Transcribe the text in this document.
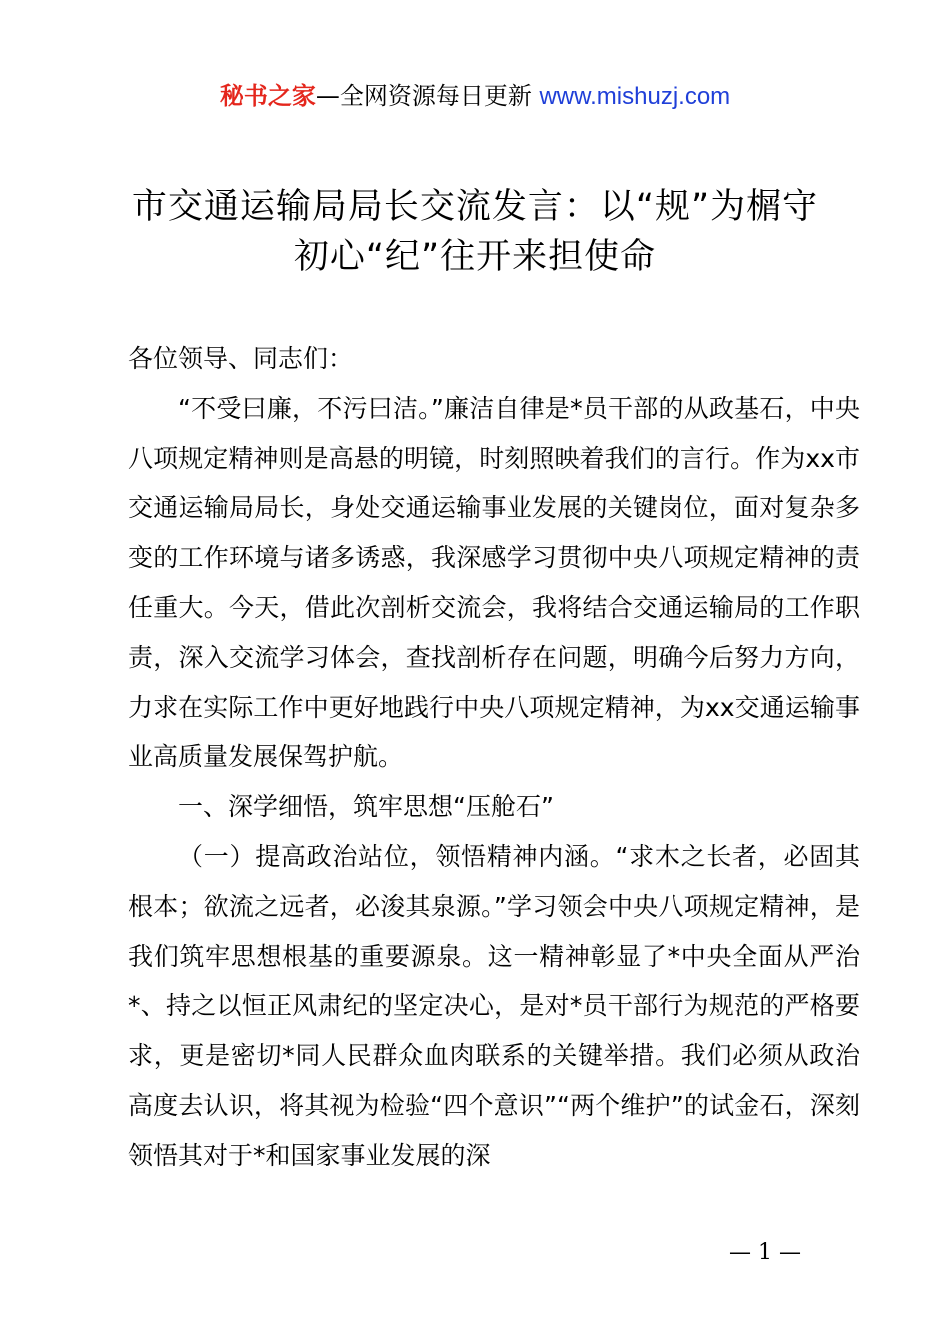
秘书之家—全网资源每日更新 www.mishuzj.com
市交通运输局局长交流发言：以“规”为榍守
初心“纪”往开来担使命

各位领导、同志们：

“不受曰廉，不污曰洁。”廉洁自律是*员干部的从政基石，中央八项规定精神则是高悬的明镜，时刻照映着我们的言行。作为xx市交通运输局局长，身处交通运输事业发展的关键岗位，面对复杂多变的工作环境与诸多诱惑，我深感学习贯彻中央八项规定精神的责任重大。今天，借此次剖析交流会，我将结合交通运输局的工作职责，深入交流学习体会，查找剖析存在问题，明确今后努力方向，力求在实际工作中更好地践行中央八项规定精神，为xx交通运输事业高质量发展保驾护航。

一、深学细悟，筑牢思想“压舱石”

（一）提高政治站位，领悟精神内涵。“求木之长者，必固其根本；欲流之远者，必浚其泉源。”学习领会中央八项规定精神，是我们筑牢思想根基的重要源泉。这一精神彰显了*中央全面从严治*、持之以恒正风肃纪的坚定决心，是对*员干部行为规范的严格要求，更是密切*同人民群众血肉联系的关键举措。我们必须从政治高度去认识，将其视为检验“四个意识”“两个维护”的试金石，深刻领悟其对于*和国家事业发展的深

— 1 —
